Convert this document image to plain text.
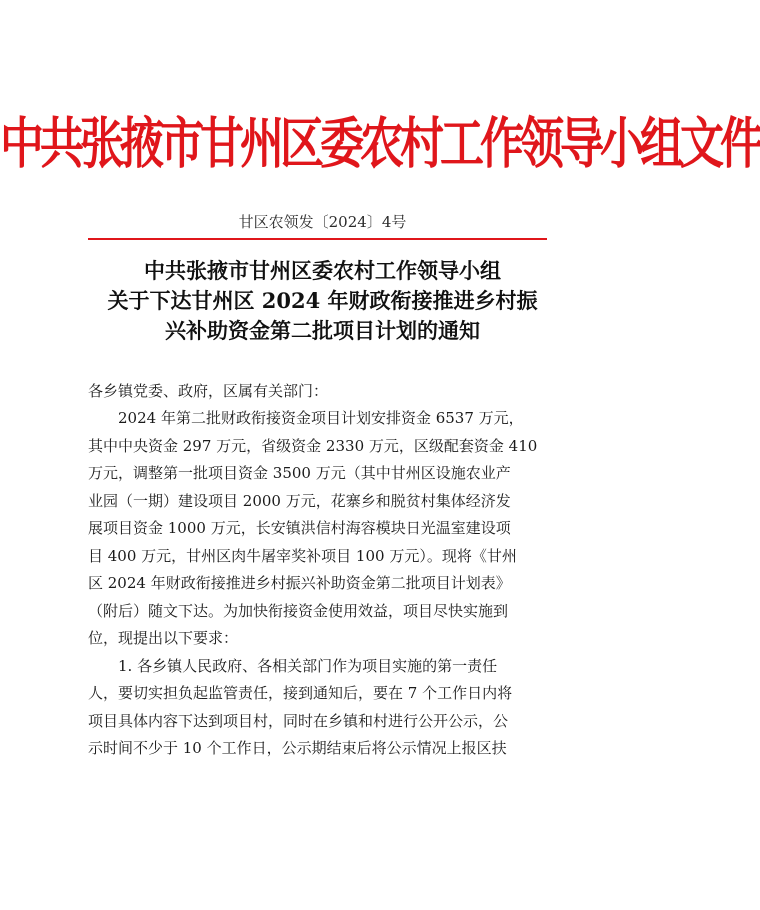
中共张掖市甘州区委农村工作领导小组文件
甘区农领发〔2024〕4号
中共张掖市甘州区委农村工作领导小组
关于下达甘州区 2024 年财政衔接推进乡村振
兴补助资金第二批项目计划的通知
各乡镇党委、政府，区属有关部门：
2024 年第二批财政衔接资金项目计划安排资金 6537 万元，
其中中央资金 297 万元，省级资金 2330 万元，区级配套资金 410
万元，调整第一批项目资金 3500 万元（其中甘州区设施农业产
业园（一期）建设项目 2000 万元，花寨乡和脱贫村集体经济发
展项目资金 1000 万元，长安镇洪信村海容模块日光温室建设项
目 400 万元，甘州区肉牛屠宰奖补项目 100 万元）。现将《甘州
区 2024 年财政衔接推进乡村振兴补助资金第二批项目计划表》
（附后）随文下达。为加快衔接资金使用效益，项目尽快实施到
位，现提出以下要求：
1. 各乡镇人民政府、各相关部门作为项目实施的第一责任
人，要切实担负起监管责任，接到通知后，要在 7 个工作日内将
项目具体内容下达到项目村，同时在乡镇和村进行公开公示，公
示时间不少于 10 个工作日，公示期结束后将公示情况上报区扶
